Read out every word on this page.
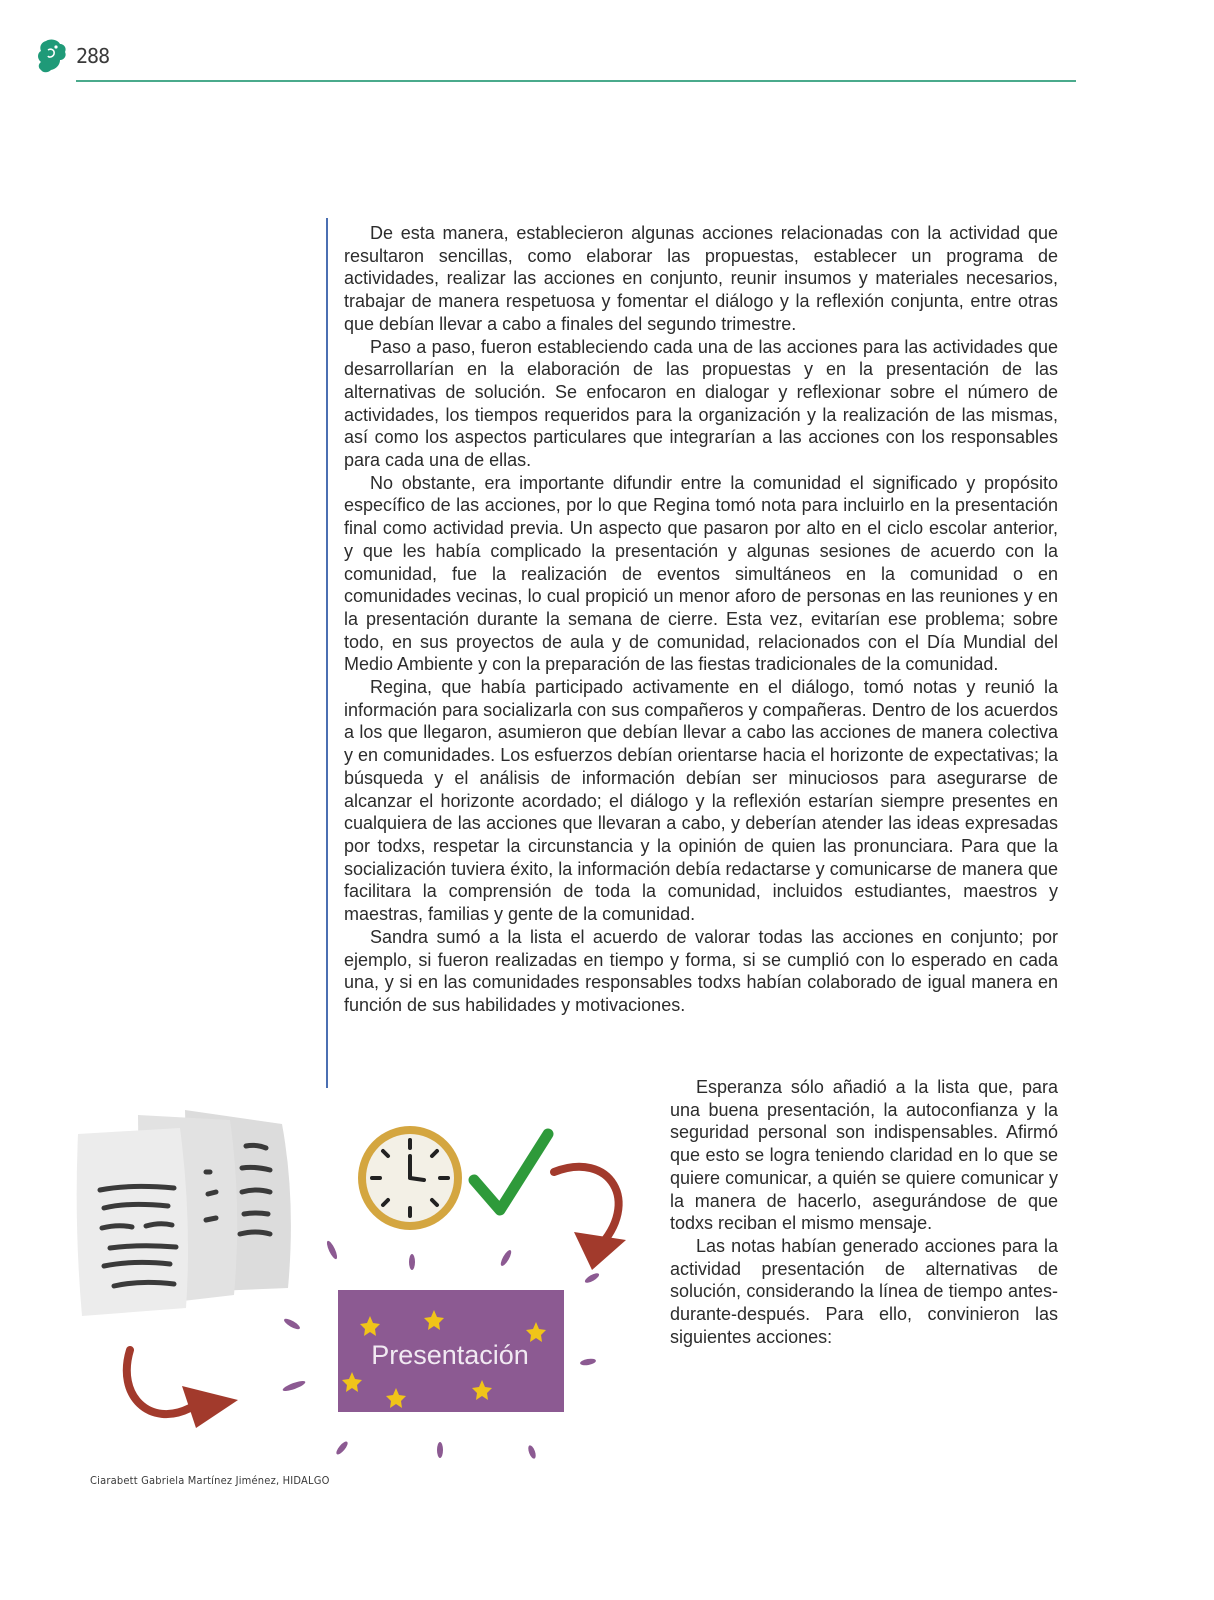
288

De esta manera, establecieron algunas acciones relacionadas con la actividad que resultaron sencillas, como elaborar las propuestas, establecer un programa de actividades, realizar las acciones en conjunto, reunir insumos y materiales necesarios, trabajar de manera respetuosa y fomentar el diálogo y la reflexión conjunta, entre otras que debían llevar a cabo a finales del segundo trimestre.

Paso a paso, fueron estableciendo cada una de las acciones para las actividades que desarrollarían en la elaboración de las propuestas y en la presentación de las alternativas de solución. Se enfocaron en dialogar y reflexionar sobre el número de actividades, los tiempos requeridos para la organización y la realización de las mismas, así como los aspectos particulares que integrarían a las acciones con los responsables para cada una de ellas.

No obstante, era importante difundir entre la comunidad el significado y propósito específico de las acciones, por lo que Regina tomó nota para incluirlo en la presentación final como actividad previa. Un aspecto que pasaron por alto en el ciclo escolar anterior, y que les había complicado la presentación y algunas sesiones de acuerdo con la comunidad, fue la realización de eventos simultáneos en la comunidad o en comunidades vecinas, lo cual propició un menor aforo de personas en las reuniones y en la presentación durante la semana de cierre. Esta vez, evitarían ese problema; sobre todo, en sus proyectos de aula y de comunidad, relacionados con el Día Mundial del Medio Ambiente y con la preparación de las fiestas tradicionales de la comunidad.

Regina, que había participado activamente en el diálogo, tomó notas y reunió la información para socializarla con sus compañeros y compañeras. Dentro de los acuerdos a los que llegaron, asumieron que debían llevar a cabo las acciones de manera colectiva y en comunidades. Los esfuerzos debían orientarse hacia el horizonte de expectativas; la búsqueda y el análisis de información debían ser minuciosos para asegurarse de alcanzar el horizonte acordado; el diálogo y la reflexión estarían siempre presentes en cualquiera de las acciones que llevaran a cabo, y deberían atender las ideas expresadas por todxs, respetar la circunstancia y la opinión de quien las pronunciara. Para que la socialización tuviera éxito, la información debía redactarse y comunicarse de manera que facilitara la comprensión de toda la comunidad, incluidos estudiantes, maestros y maestras, familias y gente de la comunidad.

Sandra sumó a la lista el acuerdo de valorar todas las acciones en conjunto; por ejemplo, si fueron realizadas en tiempo y forma, si se cumplió con lo esperado en cada una, y si en las comunidades responsables todxs habían colaborado de igual manera en función de sus habilidades y motivaciones.

Esperanza sólo añadió a la lista que, para una buena presentación, la autoconfianza y la seguridad personal son indispensables. Afirmó que esto se logra teniendo claridad en lo que se quiere comunicar, a quién se quiere comunicar y la manera de hacerlo, asegurándose de que todxs reciban el mismo mensaje.

Las notas habían generado acciones para la actividad presentación de alternativas de solución, considerando la línea de tiempo antes-durante-después. Para ello, convinieron las siguientes acciones:

Presentación
Ciarabett Gabriela Martínez Jiménez, HIDALGO
